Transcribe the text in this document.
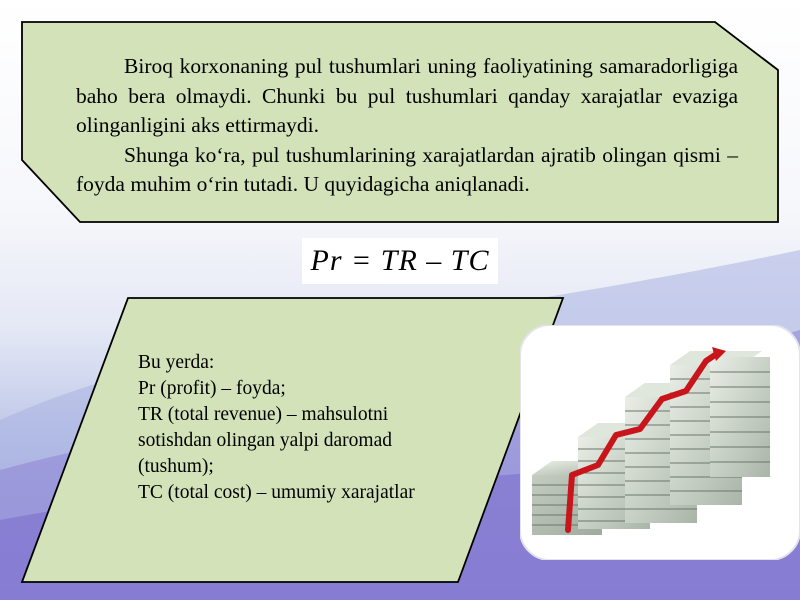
Biroq korxonaning pul tushumlari uning faoliyatining samaradorligiga baho bera olmaydi. Chunki bu pul tushumlari qanday xarajatlar evaziga olinganligini aks ettirmaydi.

Shunga ko‘ra, pul tushumlarining xarajatlardan ajratib olingan qismi – foyda muhim o‘rin tutadi. U quyidagicha aniqlanadi.

Pr = TR – TC
Bu yerda:
Pr (profit) – foyda;
TR (total revenue) – mahsulotni sotishdan olingan yalpi daromad (tushum);
TC (total cost) – umumiy xarajatlar
